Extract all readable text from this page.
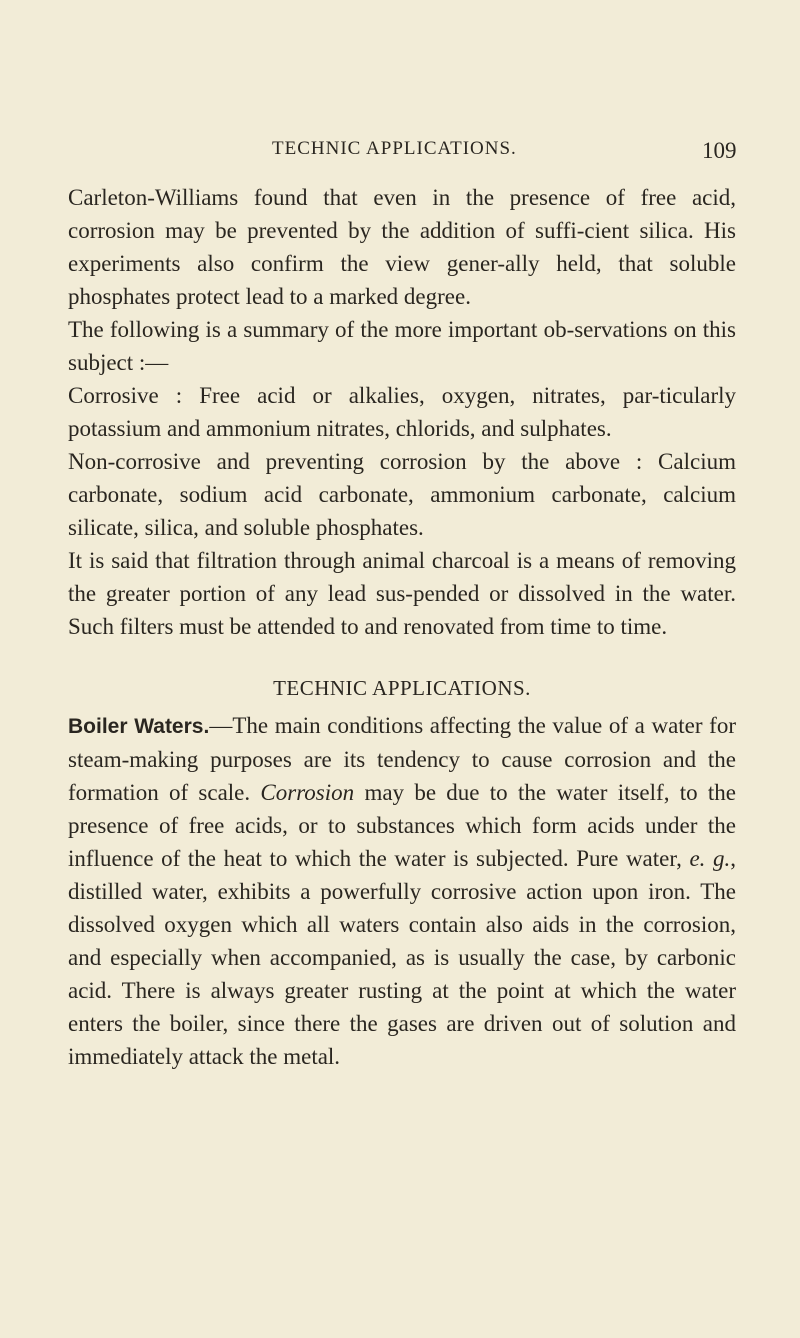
TECHNIC APPLICATIONS.	109

Carleton-Williams found that even in the presence of free acid, corrosion may be prevented by the addition of suffi-cient silica. His experiments also confirm the view gener-ally held, that soluble phosphates protect lead to a marked degree.

The following is a summary of the more important ob-servations on this subject :—

Corrosive : Free acid or alkalies, oxygen, nitrates, par-ticularly potassium and ammonium nitrates, chlorids, and sulphates.

Non-corrosive and preventing corrosion by the above : Calcium carbonate, sodium acid carbonate, ammonium carbonate, calcium silicate, silica, and soluble phosphates.

It is said that filtration through animal charcoal is a means of removing the greater portion of any lead sus-pended or dissolved in the water. Such filters must be attended to and renovated from time to time.

TECHNIC APPLICATIONS.

Boiler Waters.—The main conditions affecting the value of a water for steam-making purposes are its tendency to cause corrosion and the formation of scale. Corrosion may be due to the water itself, to the presence of free acids, or to substances which form acids under the influence of the heat to which the water is subjected. Pure water, e. g., distilled water, exhibits a powerfully corrosive action upon iron. The dissolved oxygen which all waters contain also aids in the corrosion, and especially when accompanied, as is usually the case, by carbonic acid. There is always greater rusting at the point at which the water enters the boiler, since there the gases are driven out of solution and immediately attack the metal.
